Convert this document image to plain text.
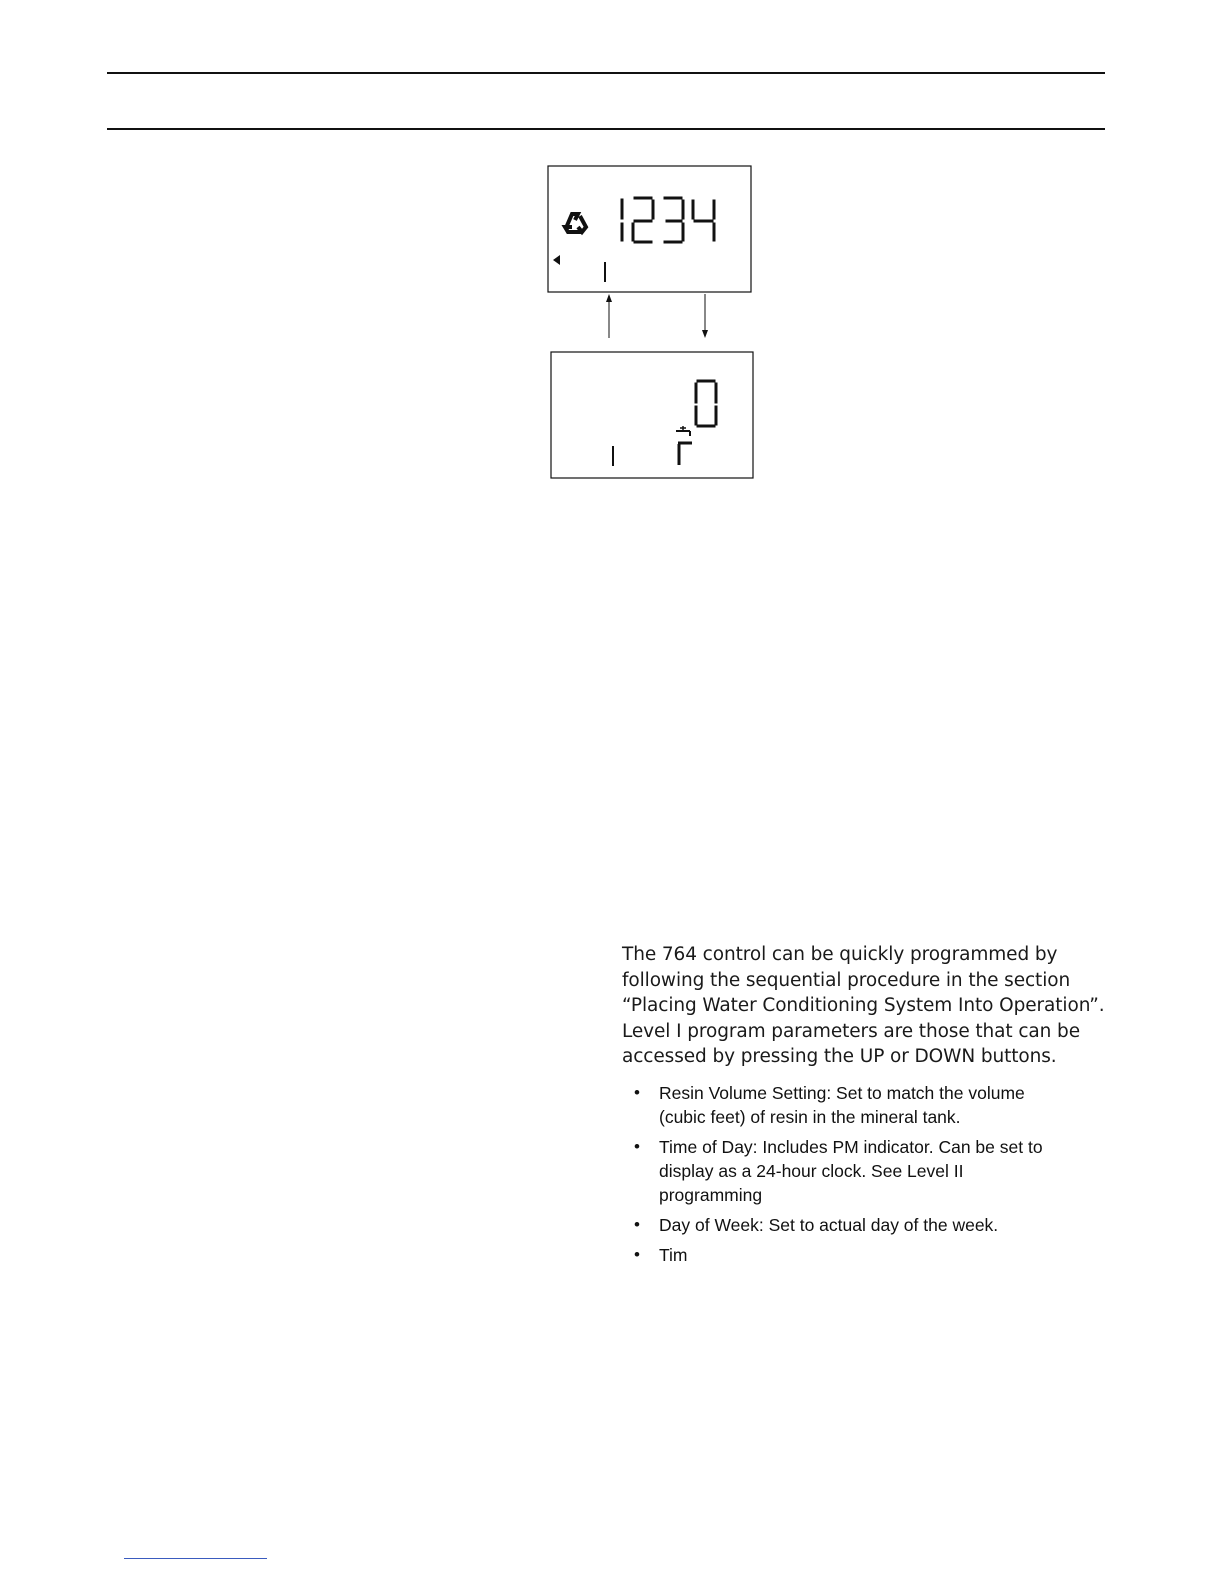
The 764 control can be quickly programmed by

following the sequential procedure in the section

“Placing Water Conditioning System Into Operation”.

Level I program parameters are those that can be

accessed by pressing the UP or DOWN buttons.

• Resin Volume Setting: Set to match the volume
(cubic feet) of resin in the mineral tank.
• Time of Day: Includes PM indicator. Can be set to
display as a 24-hour clock. See Level II
programming
• Day of Week: Set to actual day of the week.
• Tim
